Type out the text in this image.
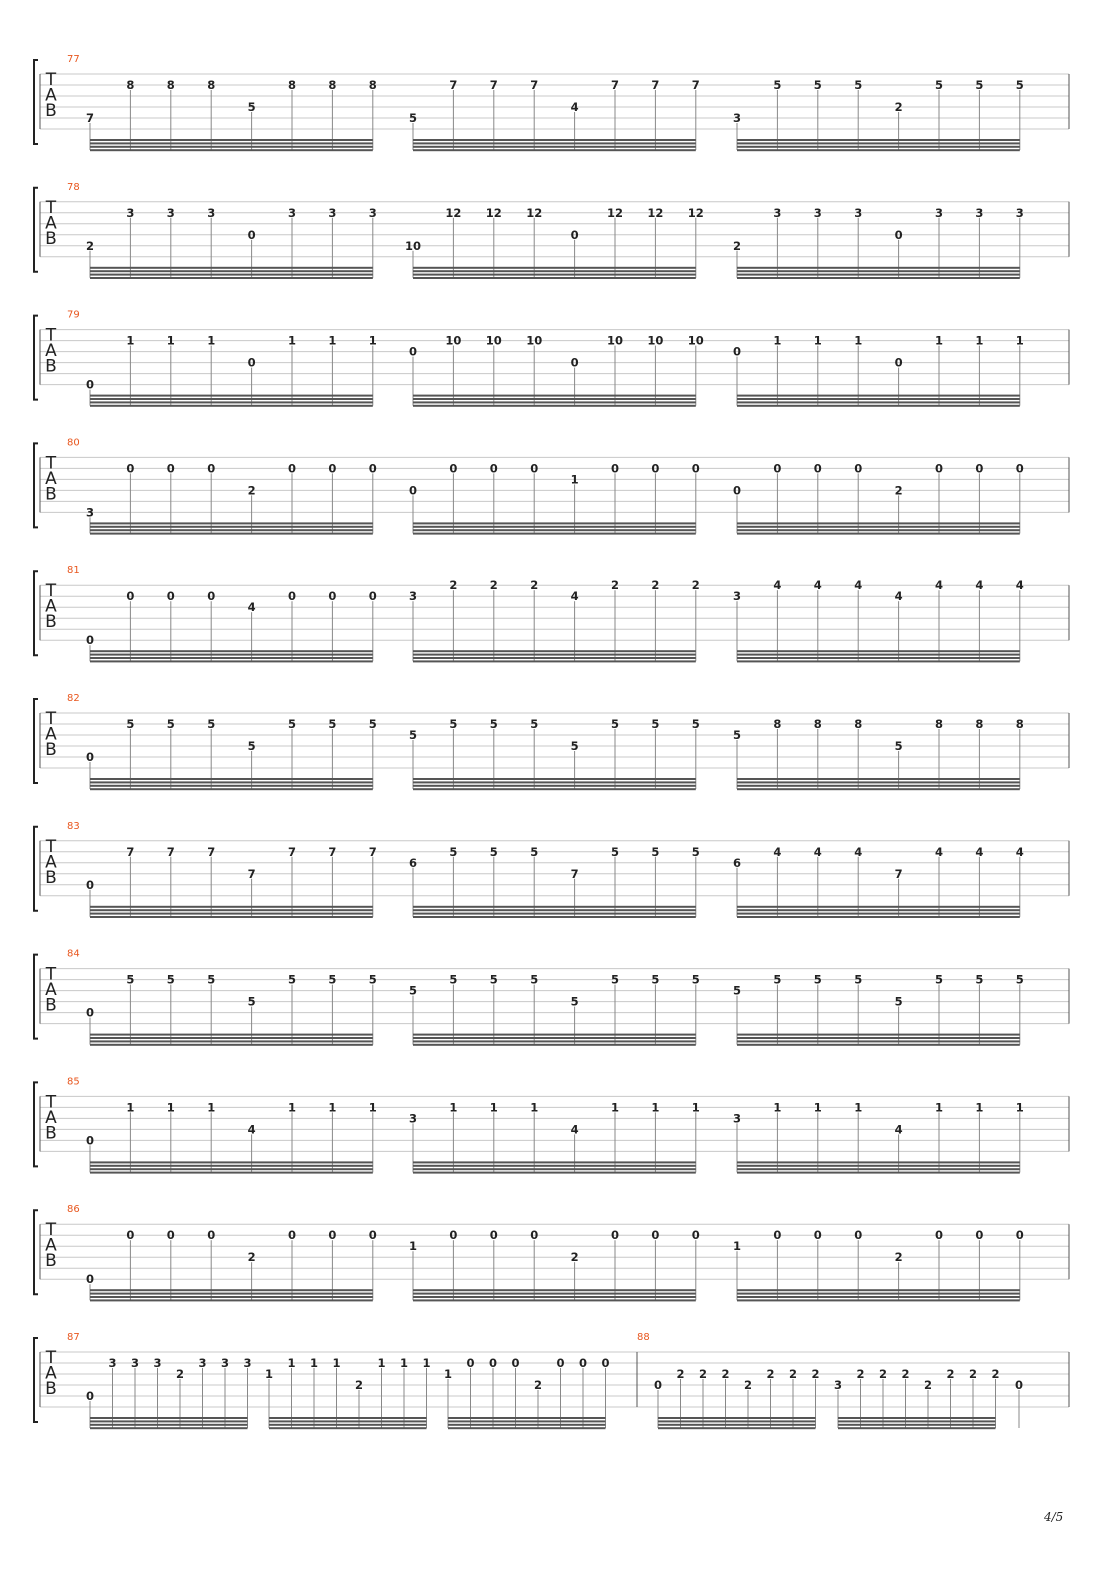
T
A
B
77
7
8	8	8
5
8	8	8
5
7	7	7
4
7	7	7
3
5	5	5
2
5	5	5
T
A
B
78
2
3	3	3
0
3	3	3
10
12 12 12
0
12 12 12
2
3	3	3
0
3	3	3
T
A
B
79
0
1	1	1
0
1	1	1
0
10 10 10
0
10 10 10
0
1	1	1
0
1	1	1
T
A
B
80
3
0	0	0
2
0	0	0
0
0	0	0
1
0	0	0
0
0	0	0
2
0	0	0
T
A
B
81
0
0	0	0
4
0	0	0	3
2	2	2
4
2	2	2
3
4	4	4
4
4	4	4
T
A
B
82
0
5	5	5
5
5	5	5
5
5	5	5
5
5	5	5
5
8	8	8
5
8	8	8
T
A
B
83
0
7	7	7
7
7	7	7
6
5	5	5
7
5	5	5
6
4	4	4
7
4	4	4
T
A
B
84
0
5	5	5
5
5	5	5
5
5	5	5
5
5	5	5
5
5	5	5
5
5	5	5
T
A
B
85
0
1	1	1
4
1	1	1
3
1	1	1
4
1	1	1
3
1	1	1
4
1	1	1
T
A
B
86
0
0	0	0
2
0	0	0
1
0	0	0
2
0	0	0
1
0	0	0
2
0	0	0
T
A
B
87	88
0
3 3 3
2
3 3 3
1
1 1 1
2
1 1 1
1
0 0 0
2
0 0 0
0
2 2 2
2
2 2 2
3
2 2 2
2
2 2 2
0
4/5
